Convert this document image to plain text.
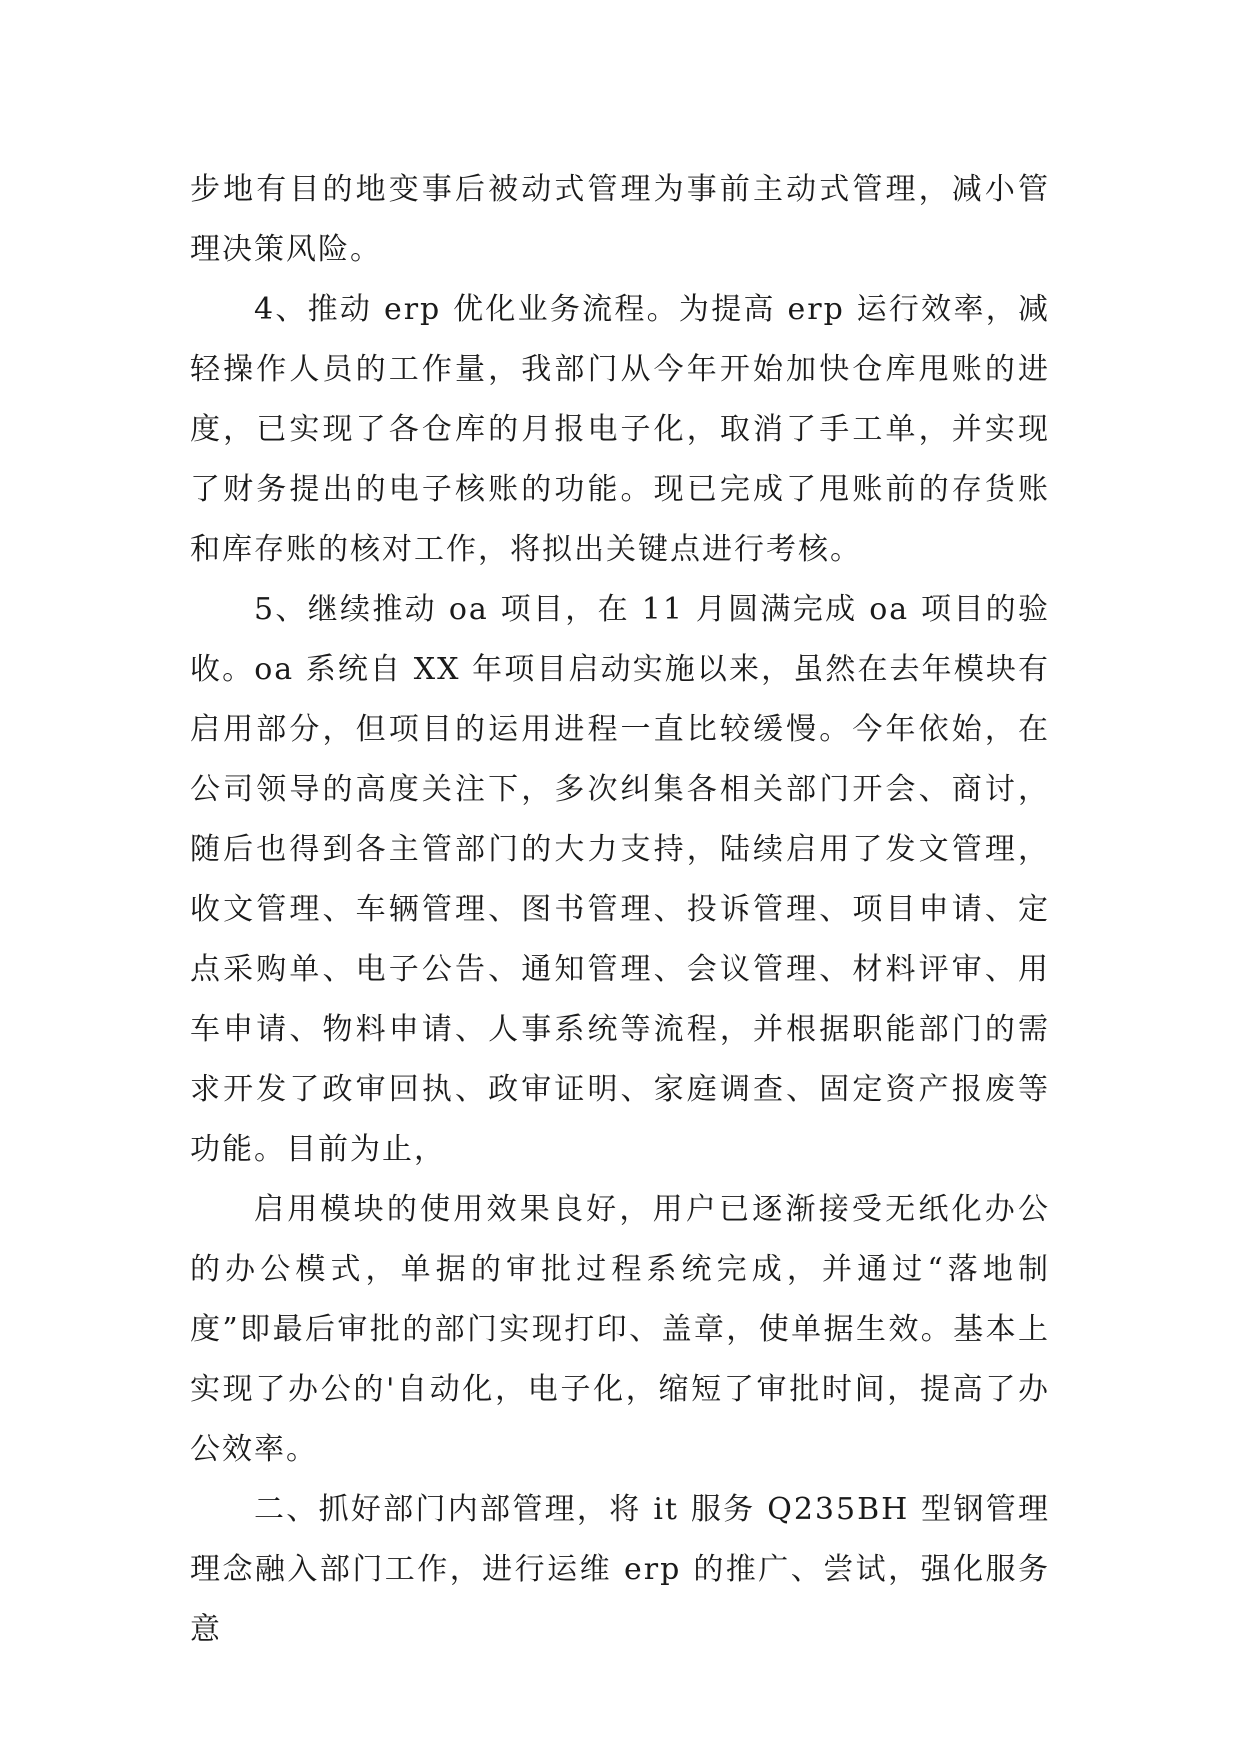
步地有目的地变事后被动式管理为事前主动式管理，减小管理决策风险。

4、推动 erp 优化业务流程。为提高 erp 运行效率，减轻操作人员的工作量，我部门从今年开始加快仓库甩账的进度，已实现了各仓库的月报电子化，取消了手工单，并实现了财务提出的电子核账的功能。现已完成了甩账前的存货账和库存账的核对工作，将拟出关键点进行考核。

5、继续推动 oa 项目，在 11 月圆满完成 oa 项目的验收。oa 系统自 XX 年项目启动实施以来，虽然在去年模块有启用部分，但项目的运用进程一直比较缓慢。今年依始，在公司领导的高度关注下，多次纠集各相关部门开会、商讨，随后也得到各主管部门的大力支持，陆续启用了发文管理，收文管理、车辆管理、图书管理、投诉管理、项目申请、定点采购单、电子公告、通知管理、会议管理、材料评审、用车申请、物料申请、人事系统等流程，并根据职能部门的需求开发了政审回执、政审证明、家庭调查、固定资产报废等功能。目前为止，

启用模块的使用效果良好，用户已逐渐接受无纸化办公的办公模式，单据的审批过程系统完成，并通过“落地制度”即最后审批的部门实现打印、盖章，使单据生效。基本上实现了办公的'自动化，电子化，缩短了审批时间，提高了办公效率。

二、抓好部门内部管理，将 it 服务 Q235BH 型钢管理理念融入部门工作，进行运维 erp 的推广、尝试，强化服务意
